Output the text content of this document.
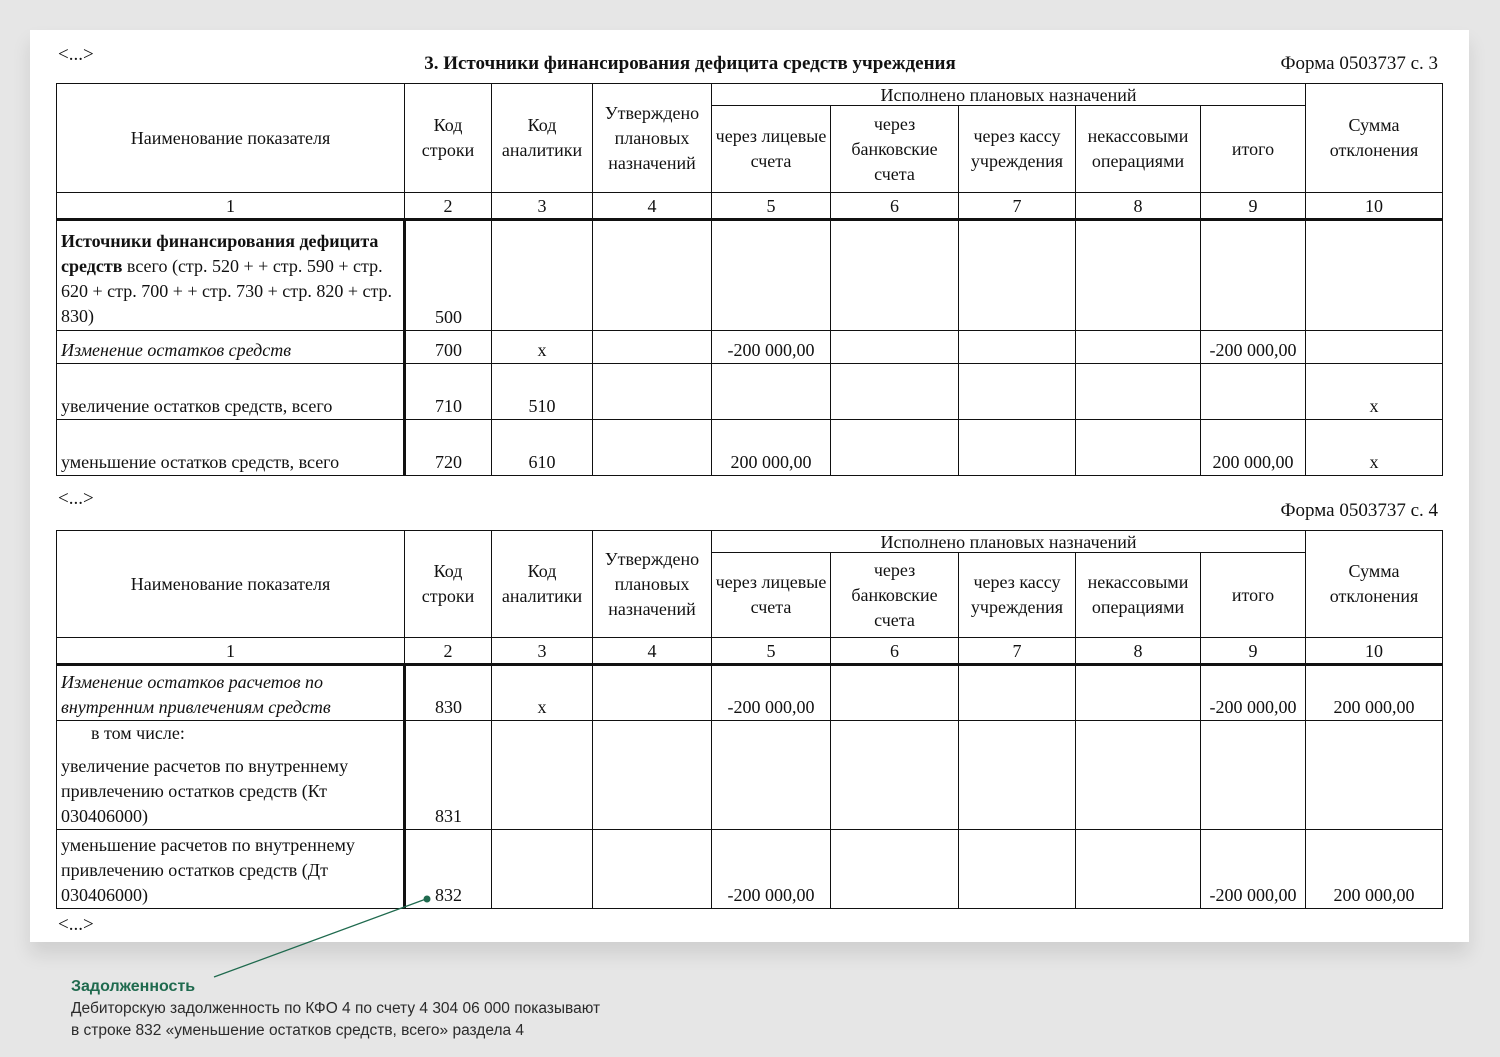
<...>	3. Источники финансирования дефицита средств учреждения	Форма 0503737 с. 3
Наименование показателя	Код строки	Код аналитики	Утверждено плановых назначений	Исполнено плановых назначений					Сумма отклонения
				через лицевые счета	через банковские счета	через кассу учреждения	некассовыми операциями	итого	
1	2	3	4	5	6	7	8	9	10
Источники финансирования дефицита средств всего (стр. 520 + + стр. 590 + стр. 620 + стр. 700 + + стр. 730 + стр. 820 + стр. 830)	500								
Изменение остатков средств	700	x		-200 000,00				-200 000,00	
увеличение остатков средств, всего	710	510							x
уменьшение остатков средств, всего	720	610		200 000,00				200 000,00	x
<...>
Форма 0503737 с. 4
Наименование показателя	Код строки	Код аналитики	Утверждено плановых назначений	Исполнено плановых назначений					Сумма отклонения
				через лицевые счета	через банковские счета	через кассу учреждения	некассовыми операциями	итого	
1	2	3	4	5	6	7	8	9	10
Изменение остатков расчетов по внутренним привлечениям средств	830	x		-200 000,00				-200 000,00	200 000,00

в том числе:
увеличение расчетов по внутреннему привлечению остатков средств (Кт 030406000)	831								
уменьшение расчетов по внутреннему привлечению остатков средств (Дт 030406000)	832			-200 000,00				-200 000,00	200 000,00
<...>
Задолженность
Дебиторскую задолженность по КФО 4 по счету 4 304 06 000 показывают
в строке 832 «уменьшение остатков средств, всего» раздела 4
